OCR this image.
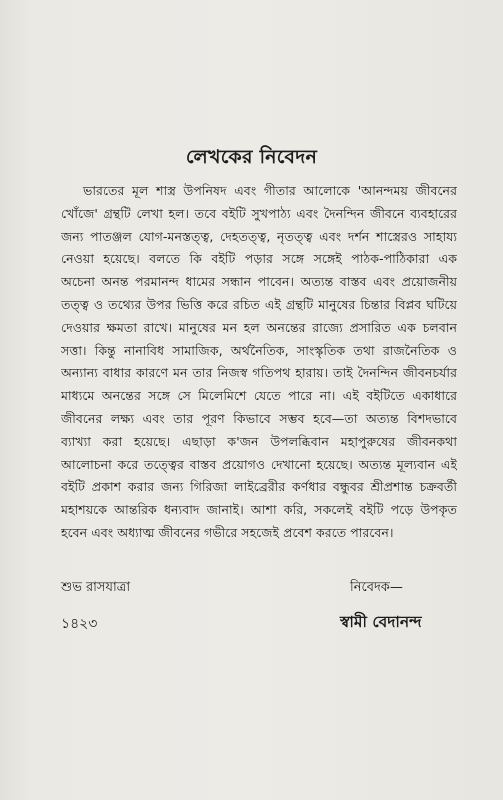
লেখকের নিবেদন
ভারতের মূল শাস্ত্র উপনিষদ এবং গীতার আলোকে 'আনন্দময় জীবনের
খোঁজে' গ্রন্থটি লেখা হল। তবে বইটি সুখপাঠ্য এবং দৈনন্দিন জীবনে ব্যবহারের
জন্য পাতঞ্জল যোগ-মনস্তত্ত্ব, দেহতত্ত্ব, নৃতত্ত্ব এবং দর্শন শাস্ত্রেরও সাহায্য
নেওয়া হয়েছে। বলতে কি বইটি পড়ার সঙ্গে সঙ্গেই পাঠক-পাঠিকারা এক
অচেনা অনন্ত পরমানন্দ ধামের সন্ধান পাবেন। অত্যন্ত বাস্তব এবং প্রয়োজনীয়
তত্ত্ব ও তথ্যের উপর ভিত্তি করে রচিত এই গ্রন্থটি মানুষের চিন্তার বিপ্লব ঘটিয়ে
দেওয়ার ক্ষমতা রাখে। মানুষের মন হল অনন্তের রাজ্যে প্রসারিত এক চলবান
সত্তা। কিন্তু নানাবিধ সামাজিক, অর্থনৈতিক, সাংস্কৃতিক তথা রাজনৈতিক ও
অন্যান্য বাধার কারণে মন তার নিজস্ব গতিপথ হারায়। তাই দৈনন্দিন জীবনচর্যার
মাধ্যমে অনন্তের সঙ্গে সে মিলেমিশে যেতে পারে না। এই বইটিতে একাধারে
জীবনের লক্ষ্য এবং তার পূরণ কিভাবে সম্ভব হবে—তা অত্যন্ত বিশদভাবে
ব্যাখ্যা করা হয়েছে। এছাড়া ক'জন উপলব্ধিবান মহাপুরুষের জীবনকথা
আলোচনা করে তত্ত্বের বাস্তব প্রয়োগও দেখানো হয়েছে। অত্যন্ত মূল্যবান এই
বইটি প্রকাশ করার জন্য গিরিজা লাইব্রেরীর কর্ণধার বন্ধুবর শ্রীপ্রশান্ত চক্রবর্তী
মহাশয়কে আন্তরিক ধন্যবাদ জানাই। আশা করি, সকলেই বইটি পড়ে উপকৃত
হবেন এবং অধ্যাত্ম জীবনের গভীরে সহজেই প্রবেশ করতে পারবেন।
শুভ রাসযাত্রা
১৪২৩
নিবেদক—
স্বামী বেদানন্দ
